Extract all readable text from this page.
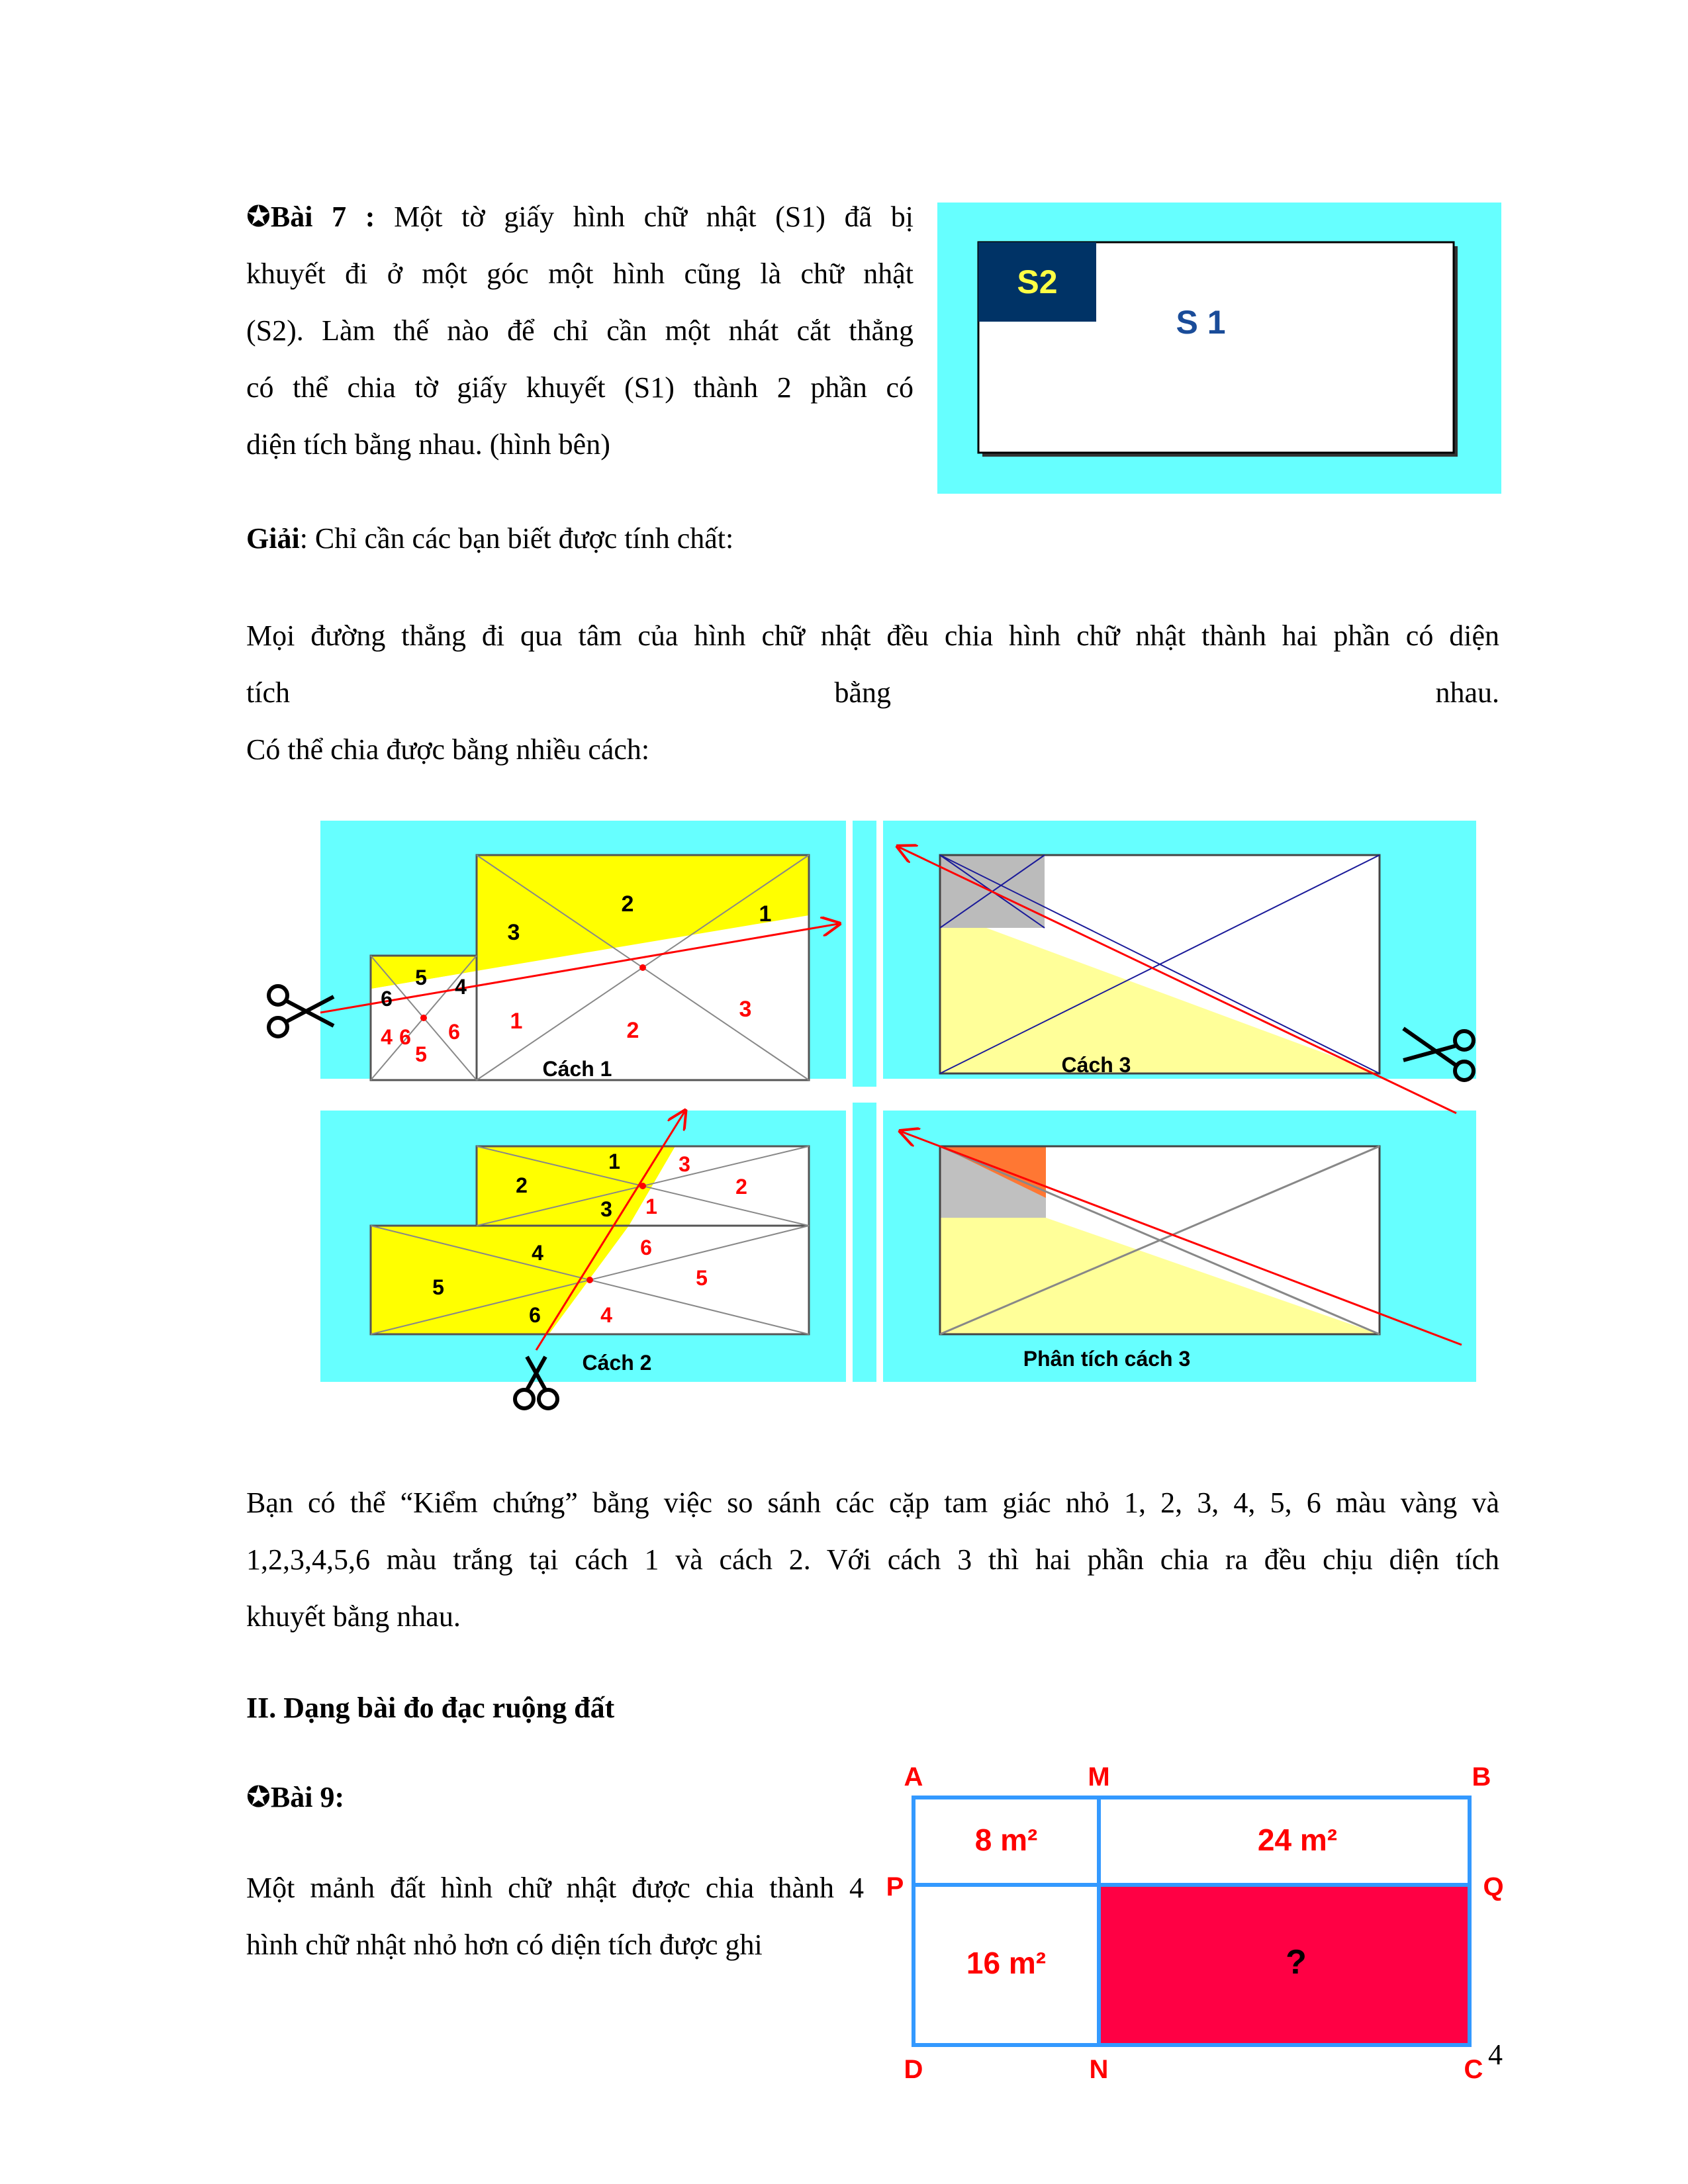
✪Bài 7 : Một tờ giấy hình chữ nhật (S1) đã bị
khuyết đi ở một góc một hình cũng là chữ nhật
(S2). Làm thế nào để chỉ cần một nhát cắt thẳng
có thể chia tờ giấy khuyết (S1) thành 2 phần có
diện tích bằng nhau. (hình bên)
S2
S 1
Giải: Chỉ cần các bạn biết được tính chất:
Mọi đường thẳng đi qua tâm của hình chữ nhật đều chia hình chữ nhật thành hai phần có diện
tích	bằng	nhau.
Có thể chia được bằng nhiều cách:
2	1
3
5 4
6	3
1	2
4
5
6
6
Cách 1
1
2
3
4
5
6
3
2
1
6
5
4
Cách 2
Cách 3
Phân tích cách 3
Bạn có thể “Kiểm chứng” bằng việc so sánh các cặp tam giác nhỏ 1, 2, 3, 4, 5, 6 màu vàng và
1,2,3,4,5,6 màu trắng tại cách 1 và cách 2. Với cách 3 thì hai phần chia ra đều chịu diện tích
khuyết bằng nhau.
II. Dạng bài đo đạc ruộng đất
✪Bài 9:
Một mảnh đất hình chữ nhật được chia thành 4
hình chữ nhật nhỏ hơn có diện tích được ghi
A	M	B
P	Q
D	N	C
8 m²	24 m²
16 m²	?
4
